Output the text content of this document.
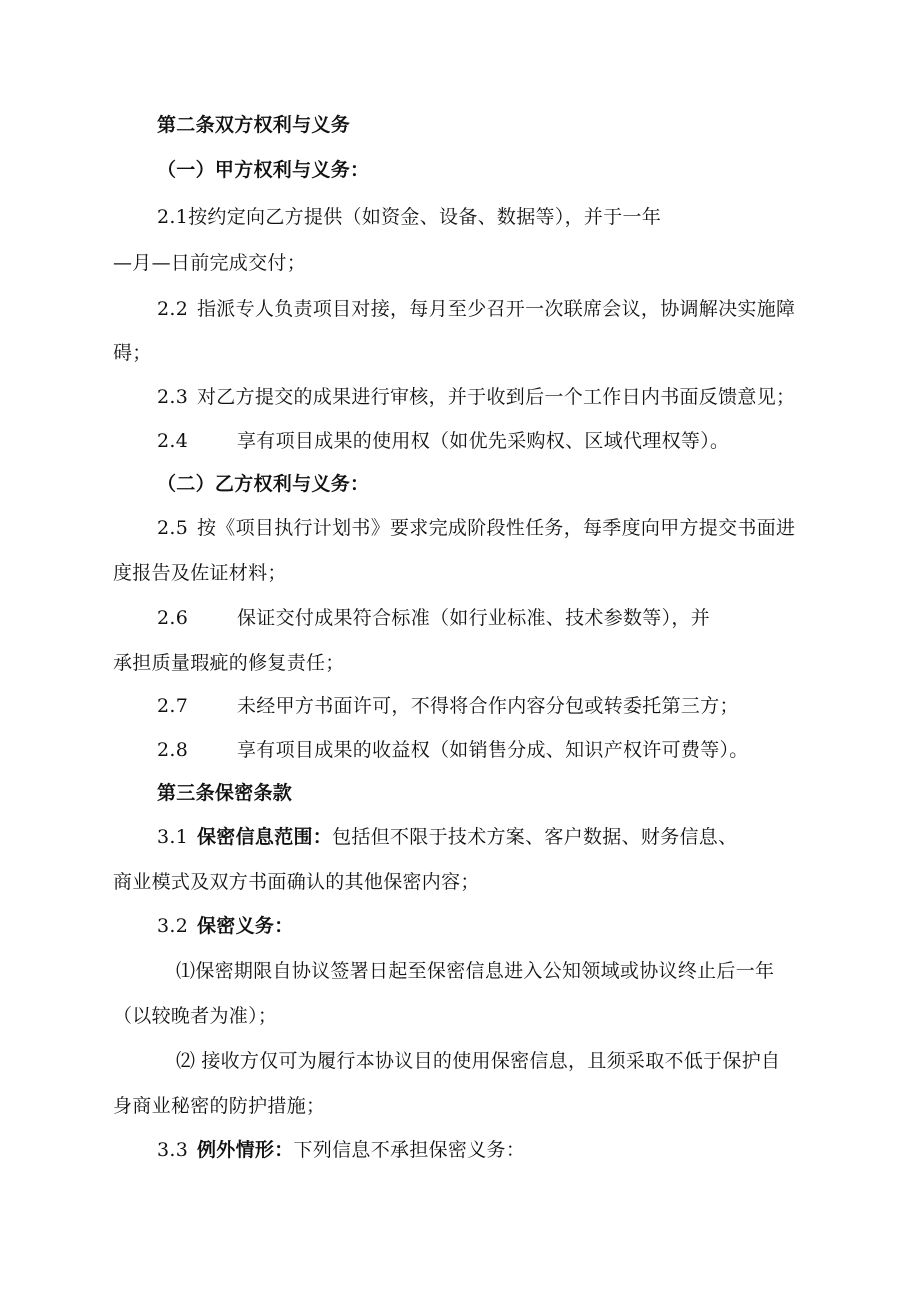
第二条双方权利与义务
（一）甲方权利与义务：
2.1按约定向乙方提供（如资金、设备、数据等），并于一年
—月—日前完成交付；
2.2 指派专人负责项目对接，每月至少召开一次联席会议，协调解决实施障
碍；
2.3 对乙方提交的成果进行审核，并于收到后一个工作日内书面反馈意见；
2.4	享有项目成果的使用权（如优先采购权、区域代理权等）。
（二）乙方权利与义务：
2.5 按《项目执行计划书》要求完成阶段性任务，每季度向甲方提交书面进
度报告及佐证材料；
2.6	保证交付成果符合标准（如行业标准、技术参数等），并
承担质量瑕疵的修复责任；
2.7	未经甲方书面许可，不得将合作内容分包或转委托第三方；
2.8	享有项目成果的收益权（如销售分成、知识产权许可费等）。
第三条保密条款
3.1 保密信息范围：包括但不限于技术方案、客户数据、财务信息、
商业模式及双方书面确认的其他保密内容；
3.2 保密义务：
⑴保密期限自协议签署日起至保密信息进入公知领域或协议终止后一年
（以较晚者为准）；
⑵ 接收方仅可为履行本协议目的使用保密信息，且须采取不低于保护自
身商业秘密的防护措施；
3.3 例外情形：下列信息不承担保密义务：
